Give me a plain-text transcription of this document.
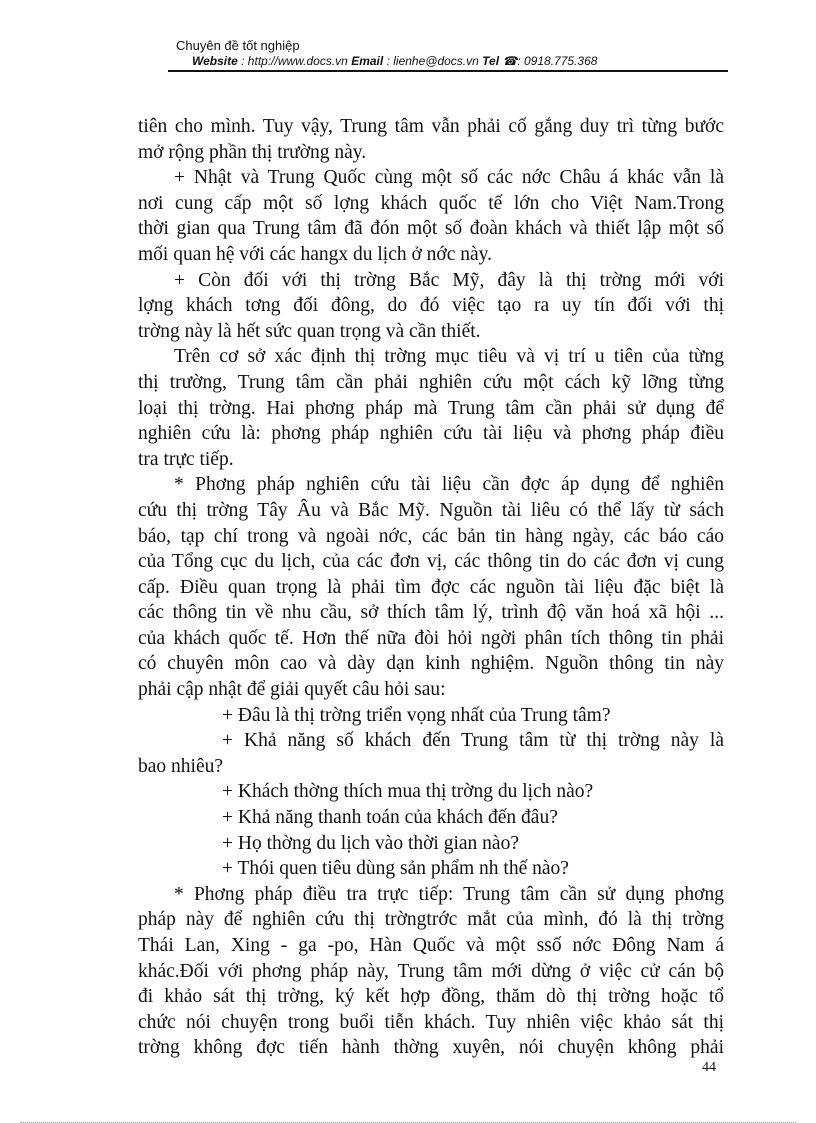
Chuyên đề tốt nghiệp
Website : http://www.docs.vn Email : lienhe@docs.vn Tel ☎: 0918.775.368
tiên cho mình. Tuy vậy, Trung tâm vẫn phải cố gắng duy trì từng bước
mở rộng phần thị trường này.
+ Nhật và Trung Quốc cùng một số các nớc Châu á khác vẫn là
nơi cung cấp một số lợng khách quốc tế lớn cho Việt Nam.Trong
thời gian qua Trung tâm đã đón một số đoàn khách và thiết lập một số
mối quan hệ với các hangx du lịch ở nớc này.
+ Còn đối với thị trờng Bắc Mỹ, đây là thị trờng mới với
lợng khách tơng đối đông, do đó việc tạo ra uy tín đối với thị
trờng này là hết sức quan trọng và cần thiết.
Trên cơ sở xác định thị trờng mục tiêu và vị trí u tiên của từng
thị trường, Trung tâm cần phải nghiên cứu một cách kỹ lỡng từng
loại thị trờng. Hai phơng pháp mà Trung tâm cần phải sử dụng để
nghiên cứu là: phơng pháp nghiên cứu tài liệu và phơng pháp điều
tra trực tiếp.
* Phơng pháp nghiên cứu tài liệu cần đợc áp dụng để nghiên
cứu thị trờng Tây Âu và Bắc Mỹ. Nguồn tài liêu có thể lấy từ sách
báo, tạp chí trong và ngoài nớc, các bản tin hàng ngày, các báo cáo
của Tổng cục du lịch, của các đơn vị, các thông tin do các đơn vị cung
cấp. Điều quan trọng là phải tìm đợc các nguồn tài liệu đặc biệt là
các thông tin về nhu cầu, sở thích tâm lý, trình độ văn hoá xã hội ...
của khách quốc tế. Hơn thế nữa đòi hỏi ngời phân tích thông tin phải
có chuyên môn cao và dày dạn kinh nghiệm. Nguồn thông tin này
phải cập nhật để giải quyết câu hỏi sau:
+ Đâu là thị trờng triển vọng nhất của Trung tâm?
+ Khả năng số khách đến Trung tâm từ thị trờng này là
bao nhiêu?
+ Khách thờng thích mua thị trờng du lịch nào?
+ Khả năng thanh toán của khách đến đâu?
+ Họ thờng du lịch vào thời gian nào?
+ Thói quen tiêu dùng sản phẩm nh thế nào?
* Phơng pháp điều tra trực tiếp: Trung tâm cần sử dụng phơng
pháp này để nghiên cứu thị trờngtrớc mắt của mình, đó là thị trờng
Thái Lan, Xing - ga -po, Hàn Quốc và một ssố nớc Đông Nam á
khác.Đối với phơng pháp này, Trung tâm mới dừng ở việc cử cán bộ
đi khảo sát thị trờng, ký kết hợp đồng, thăm dò thị trờng hoặc tổ
chức nói chuyện trong buổi tiễn khách. Tuy nhiên việc khảo sát thị
trờng không đợc tiến hành thờng xuyên, nói chuyện không phải
44
